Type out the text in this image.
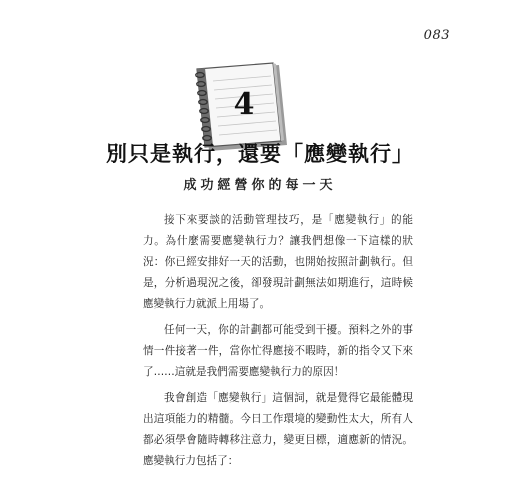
083
4
別只是執行，還要「應變執行」
成功經營你的每一天

接下來要談的活動管理技巧，是「應變執行」的能力。為什麼需要應變執行力？讓我們想像一下這樣的狀況：你已經安排好一天的活動，也開始按照計劃執行。但是，分析過現況之後，卻發現計劃無法如期進行，這時候應變執行力就派上用場了。

任何一天，你的計劃都可能受到干擾。預料之外的事情一件接著一件，當你忙得應接不暇時，新的指令又下來了……這就是我們需要應變執行力的原因！

我會創造「應變執行」這個詞，就是覺得它最能體現出這項能力的精髓。今日工作環境的變動性太大，所有人都必須學會隨時轉移注意力，變更目標，適應新的情況。應變執行力包括了：
